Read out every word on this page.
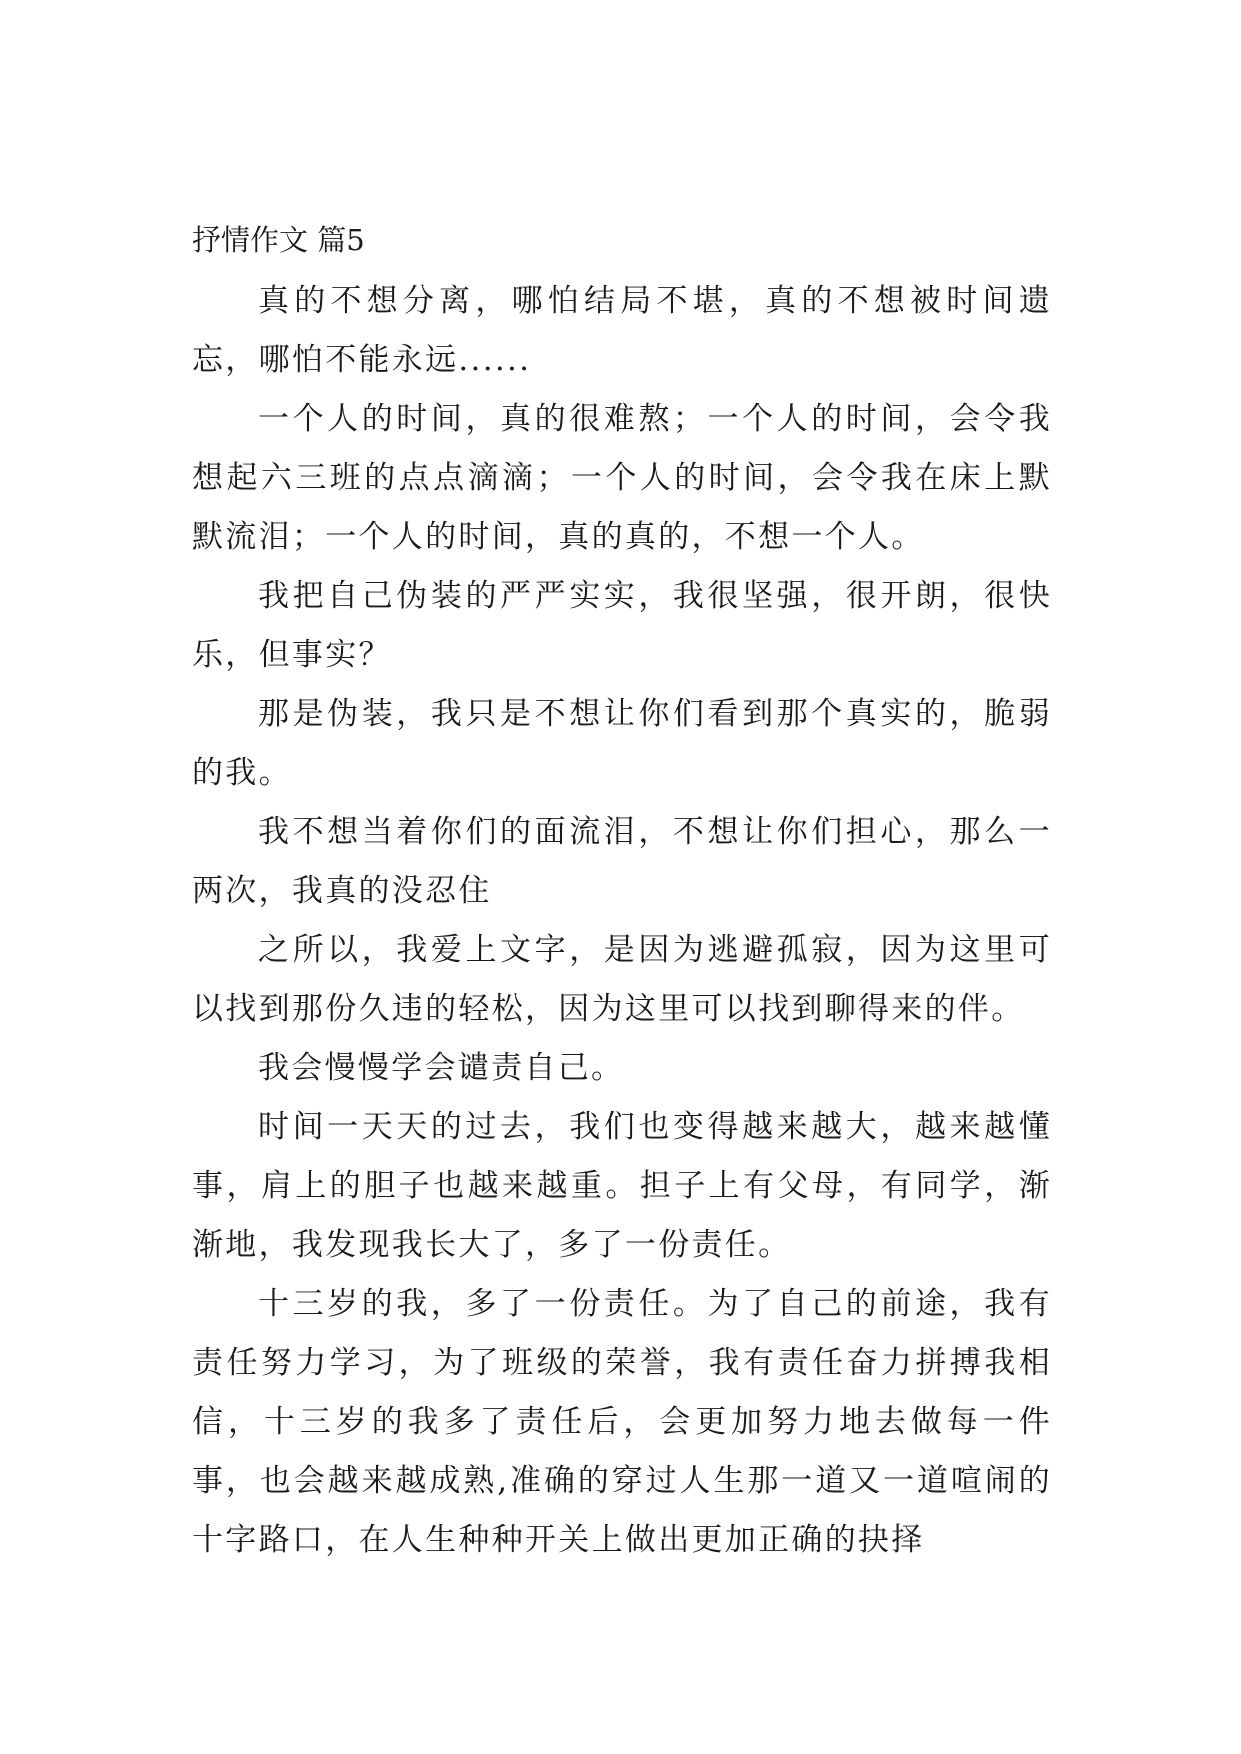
抒情作文 篇5

真的不想分离，哪怕结局不堪，真的不想被时间遗忘，哪怕不能永远......

一个人的时间，真的很难熬；一个人的时间，会令我想起六三班的点点滴滴；一个人的时间，会令我在床上默默流泪；一个人的时间，真的真的，不想一个人。

我把自己伪装的严严实实，我很坚强，很开朗，很快乐，但事实？

那是伪装，我只是不想让你们看到那个真实的，脆弱的我。

我不想当着你们的面流泪，不想让你们担心，那么一两次，我真的没忍住

之所以，我爱上文字，是因为逃避孤寂，因为这里可以找到那份久违的轻松，因为这里可以找到聊得来的伴。

我会慢慢学会谴责自己。

时间一天天的过去，我们也变得越来越大，越来越懂事，肩上的胆子也越来越重。担子上有父母，有同学，渐渐地，我发现我长大了，多了一份责任。

十三岁的我，多了一份责任。为了自己的前途，我有责任努力学习，为了班级的荣誉，我有责任奋力拼搏我相信，十三岁的我多了责任后，会更加努力地去做每一件事，也会越来越成熟,准确的穿过人生那一道又一道喧闹的十字路口，在人生种种开关上做出更加正确的抉择
